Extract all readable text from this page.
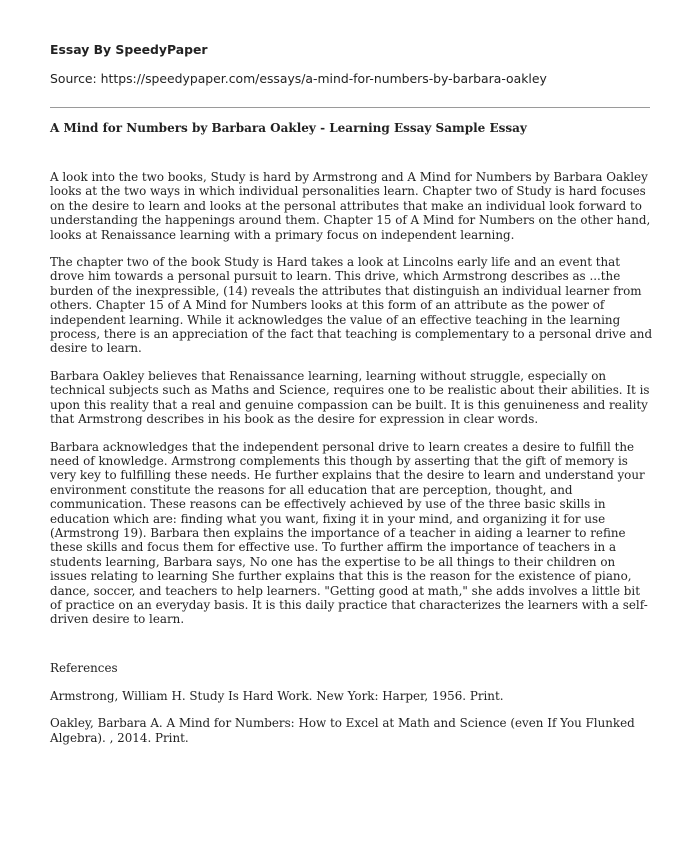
Essay By SpeedyPaper
Source: https://speedypaper.com/essays/a-mind-for-numbers-by-barbara-oakley
A Mind for Numbers by Barbara Oakley - Learning Essay Sample Essay

A look into the two books, Study is hard by Armstrong and A Mind for Numbers by Barbara Oakley looks at the two ways in which individual personalities learn. Chapter two of Study is hard focuses on the desire to learn and looks at the personal attributes that make an individual look forward to understanding the happenings around them. Chapter 15 of A Mind for Numbers on the other hand, looks at Renaissance learning with a primary focus on independent learning.

The chapter two of the book Study is Hard takes a look at Lincolns early life and an event that drove him towards a personal pursuit to learn. This drive, which Armstrong describes as ...the burden of the inexpressible, (14) reveals the attributes that distinguish an individual learner from others. Chapter 15 of A Mind for Numbers looks at this form of an attribute as the power of independent learning. While it acknowledges the value of an effective teaching in the learning process, there is an appreciation of the fact that teaching is complementary to a personal drive and desire to learn.

Barbara Oakley believes that Renaissance learning, learning without struggle, especially on technical subjects such as Maths and Science, requires one to be realistic about their abilities. It is upon this reality that a real and genuine compassion can be built. It is this genuineness and reality that Armstrong describes in his book as the desire for expression in clear words.

Barbara acknowledges that the independent personal drive to learn creates a desire to fulfill the need of knowledge. Armstrong complements this though by asserting that the gift of memory is very key to fulfilling these needs. He further explains that the desire to learn and understand your environment constitute the reasons for all education that are perception, thought, and communication. These reasons can be effectively achieved by use of the three basic skills in education which are: finding what you want, fixing it in your mind, and organizing it for use (Armstrong 19). Barbara then explains the importance of a teacher in aiding a learner to refine these skills and focus them for effective use. To further affirm the importance of teachers in a students learning, Barbara says, No one has the expertise to be all things to their children on issues relating to learning She further explains that this is the reason for the existence of piano, dance, soccer, and teachers to help learners. "Getting good at math," she adds involves a little bit of practice on an everyday basis. It is this daily practice that characterizes the learners with a self-driven desire to learn.

References

Armstrong, William H. Study Is Hard Work. New York: Harper, 1956. Print.

Oakley, Barbara A. A Mind for Numbers: How to Excel at Math and Science (even If You Flunked Algebra). , 2014. Print.
